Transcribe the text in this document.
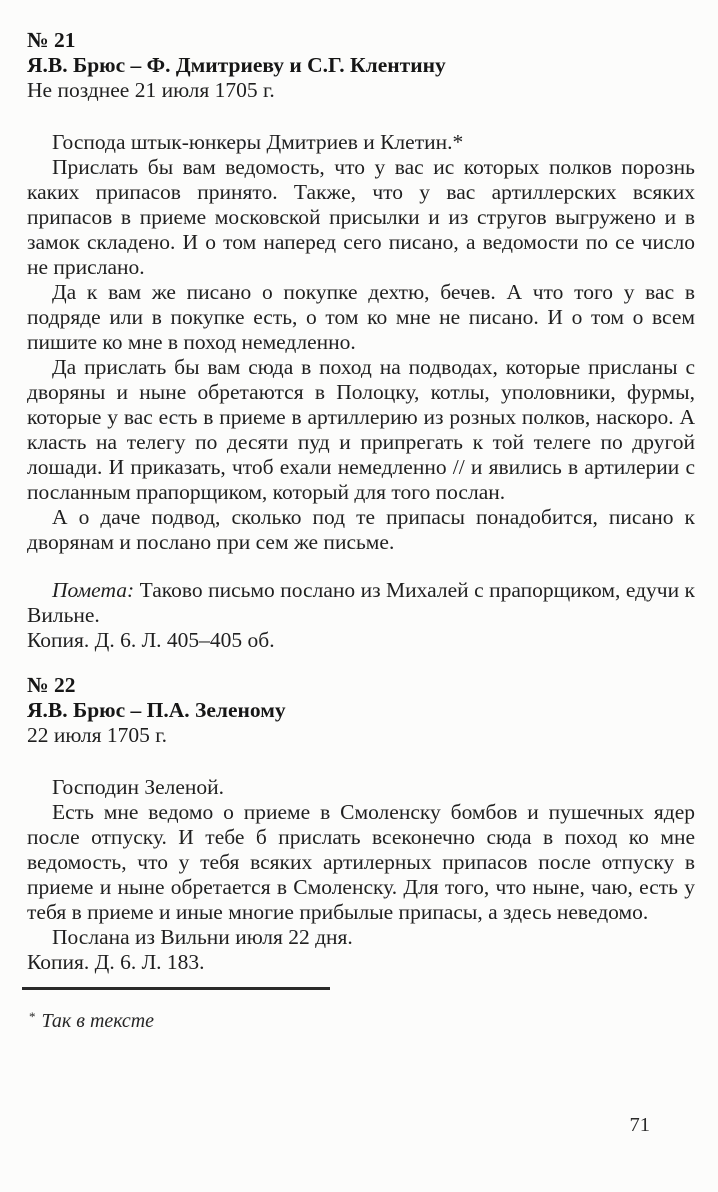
№ 21
Я.В. Брюс – Ф. Дмитриеву и С.Г. Клентину
Не позднее 21 июля 1705 г.

Господа штык-юнкеры Дмитриев и Клетин.*

Прислать бы вам ведомость, что у вас ис которых полков порознь каких припасов принято. Также, что у вас артиллерских всяких припасов в приеме московской присылки и из стругов выгружено и в замок складено. И о том наперед сего писано, а ведомости по се число не прислано.

Да к вам же писано о покупке дехтю, бечев. А что того у вас в подряде или в покупке есть, о том ко мне не писано. И о том о всем пишите ко мне в поход немедленно.

Да прислать бы вам сюда в поход на подводах, которые присланы с дворяны и ныне обретаются в Полоцку, котлы, уполовники, фурмы, которые у вас есть в приеме в артиллерию из розных полков, наскоро. А класть на телегу по десяти пуд и припрегать к той телеге по другой лошади. И приказать, чтоб ехали немедленно // и явились в артилерии с посланным прапорщиком, который для того послан.

А о даче подвод, сколько под те припасы понадобится, писано к дворянам и послано при сем же письме.

Помета: Таково письмо послано из Михалей с прапорщиком, едучи к Вильне.

Копия. Д. 6. Л. 405–405 об.

№ 22
Я.В. Брюс – П.А. Зеленому
22 июля 1705 г.

Господин Зеленой.

Есть мне ведомо о приеме в Смоленску бомбов и пушечных ядер после отпуску. И тебе б прислать всеконечно сюда в поход ко мне ведомость, что у тебя всяких артилерных припасов после отпуску в приеме и ныне обретается в Смоленску. Для того, что ныне, чаю, есть у тебя в приеме и иные многие прибылые припасы, а здесь неведомо.

Послана из Вильни июля 22 дня.

Копия. Д. 6. Л. 183.

* Так в тексте
71
